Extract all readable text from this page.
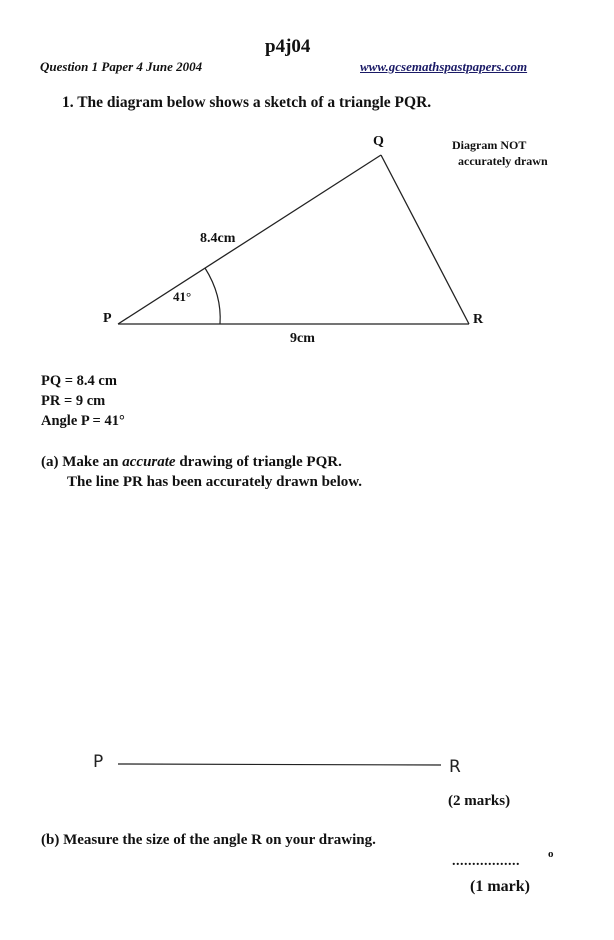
p4j04
Question 1 Paper 4 June 2004	www.gcsemathspastpapers.com
1. The diagram below shows a sketch of a triangle PQR.
Diagram NOT
accurately drawn
Q
P	R
8.4cm
9cm
41°
PQ = 8.4 cm
PR = 9 cm
Angle P = 41°
(a) Make an accurate drawing of triangle PQR.
The line PR has been accurately drawn below.
P	R
(2 marks)
(b) Measure the size of the angle R on your drawing.
.................	o
(1 mark)
